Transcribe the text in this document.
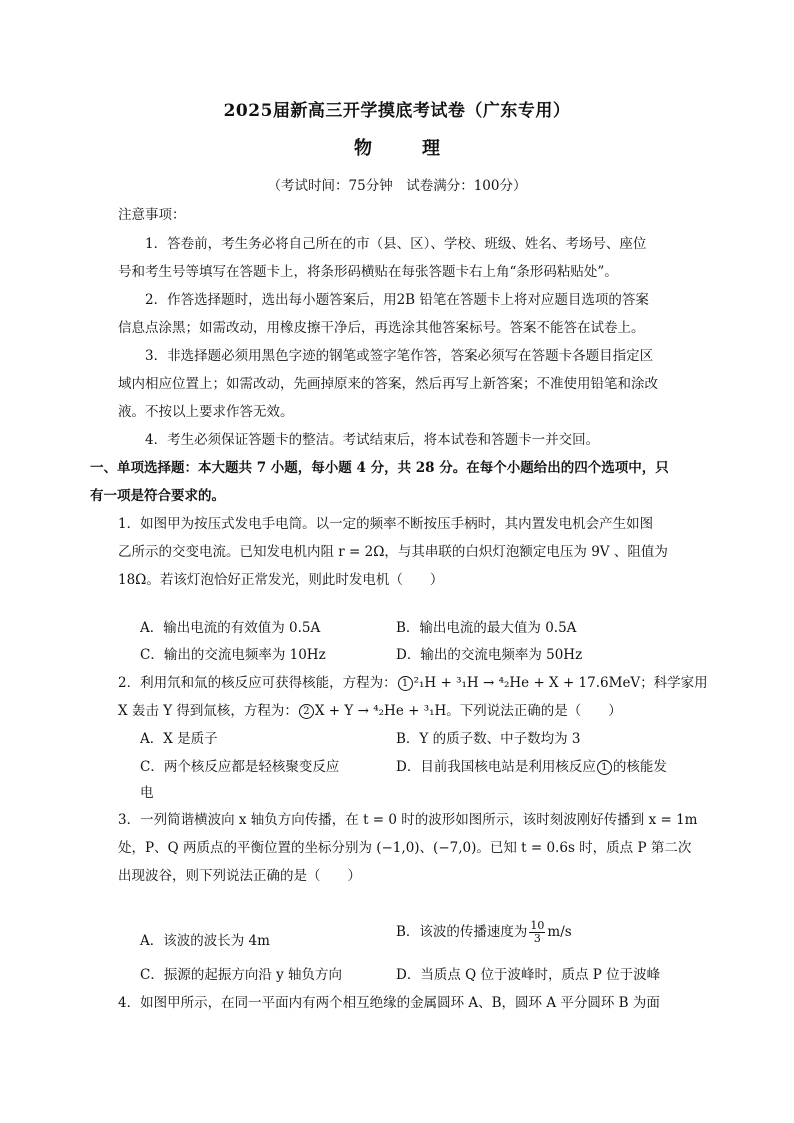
2025届新高三开学摸底考试卷（广东专用）
物理
（考试时间：75分钟　试卷满分：100分）
注意事项：
1．答卷前，考生务必将自己所在的市（县、区）、学校、班级、姓名、考场号、座位
号和考生号等填写在答题卡上，将条形码横贴在每张答题卡右上角“条形码粘贴处”。
2．作答选择题时，选出每小题答案后，用2B 铅笔在答题卡上将对应题目选项的答案
信息点涂黑；如需改动，用橡皮擦干净后，再选涂其他答案标号。答案不能答在试卷上。
3．非选择题必须用黑色字迹的钢笔或签字笔作答，答案必须写在答题卡各题目指定区
域内相应位置上；如需改动，先画掉原来的答案，然后再写上新答案；不准使用铅笔和涂改
液。不按以上要求作答无效。
4．考生必须保证答题卡的整洁。考试结束后，将本试卷和答题卡一并交回。
一、单项选择题：本大题共 7 小题，每小题 4 分，共 28 分。在每个小题给出的四个选项中，只
有一项是符合要求的。
1．如图甲为按压式发电手电筒。以一定的频率不断按压手柄时，其内置发电机会产生如图
乙所示的交变电流。已知发电机内阻 r = 2Ω，与其串联的白炽灯泡额定电压为 9V 、阻值为
18Ω。若该灯泡恰好正常发光，则此时发电机（　　）
A．输出电流的有效值为 0.5A	B．输出电流的最大值为 0.5A
C．输出的交流电频率为 10Hz	D．输出的交流电频率为 50Hz
2．利用氘和氚的核反应可获得核能，方程为： 1 ²₁H + ³₁H → ⁴₂He + X + 17.6MeV；科学家用
X 轰击 Y 得到氚核，方程为： 2 X + Y → ⁴₂He + ³₁H。下列说法正确的是（　　）
A．X 是质子	B．Y 的质子数、中子数均为 3
C．两个核反应都是轻核聚变反应	D．目前我国核电站是利用核反应 1 的核能发
电
3．一列简谐横波向 x 轴负方向传播，在 t = 0 时的波形如图所示，该时刻波刚好传播到 x = 1m
处，P、Q 两质点的平衡位置的坐标分别为 (−1,0)、(−7,0)。已知 t = 0.6s 时，质点 P 第二次
出现波谷，则下列说法正确的是（　　）
A．该波的波长为 4m
B．该波的传播速度为 $\frac{10}{3} m/s$
C．振源的起振方向沿 y 轴负方向	D．当质点 Q 位于波峰时，质点 P 位于波峰
4．如图甲所示，在同一平面内有两个相互绝缘的金属圆环 A、B，圆环 A 平分圆环 B 为面
